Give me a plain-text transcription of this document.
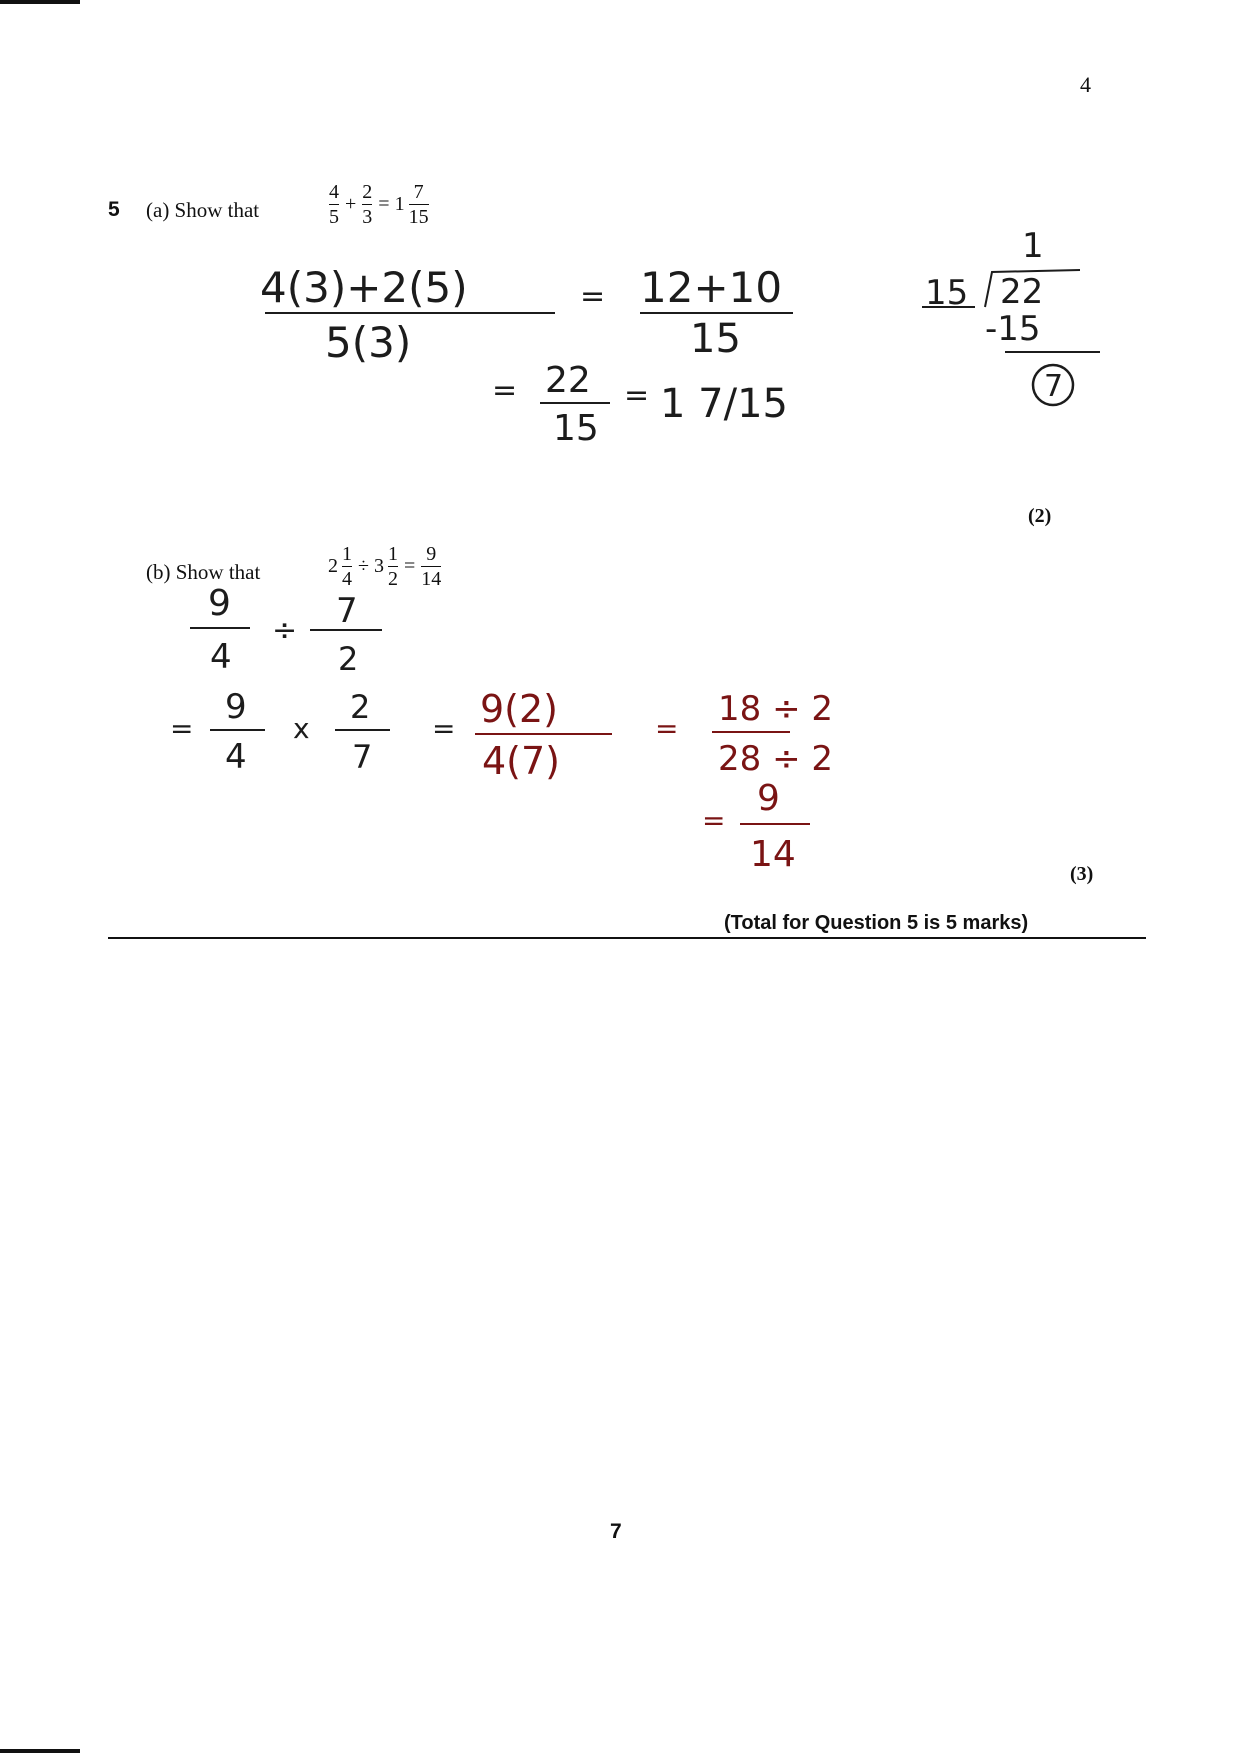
4
5 (a) Show that	$\frac{4}{5} + \frac{2}{3} = 1 \frac{7}{15}$
4(3)+2(5)
5(3)
= 12+10
15
= 22
15
= 1 7/15
1
15 22
-15
7
9
4
÷ 7
2
=
9
4
x
2
7
= 9(2)
4(7)
= 18 ÷ 2
28 ÷ 2
=
9
14
(2)
(b) Show that	$2 \frac{1}{4} \div 3 \frac{1}{2} = \frac{9}{14}$
(3)
(Total for Question 5 is 5 marks)
7
